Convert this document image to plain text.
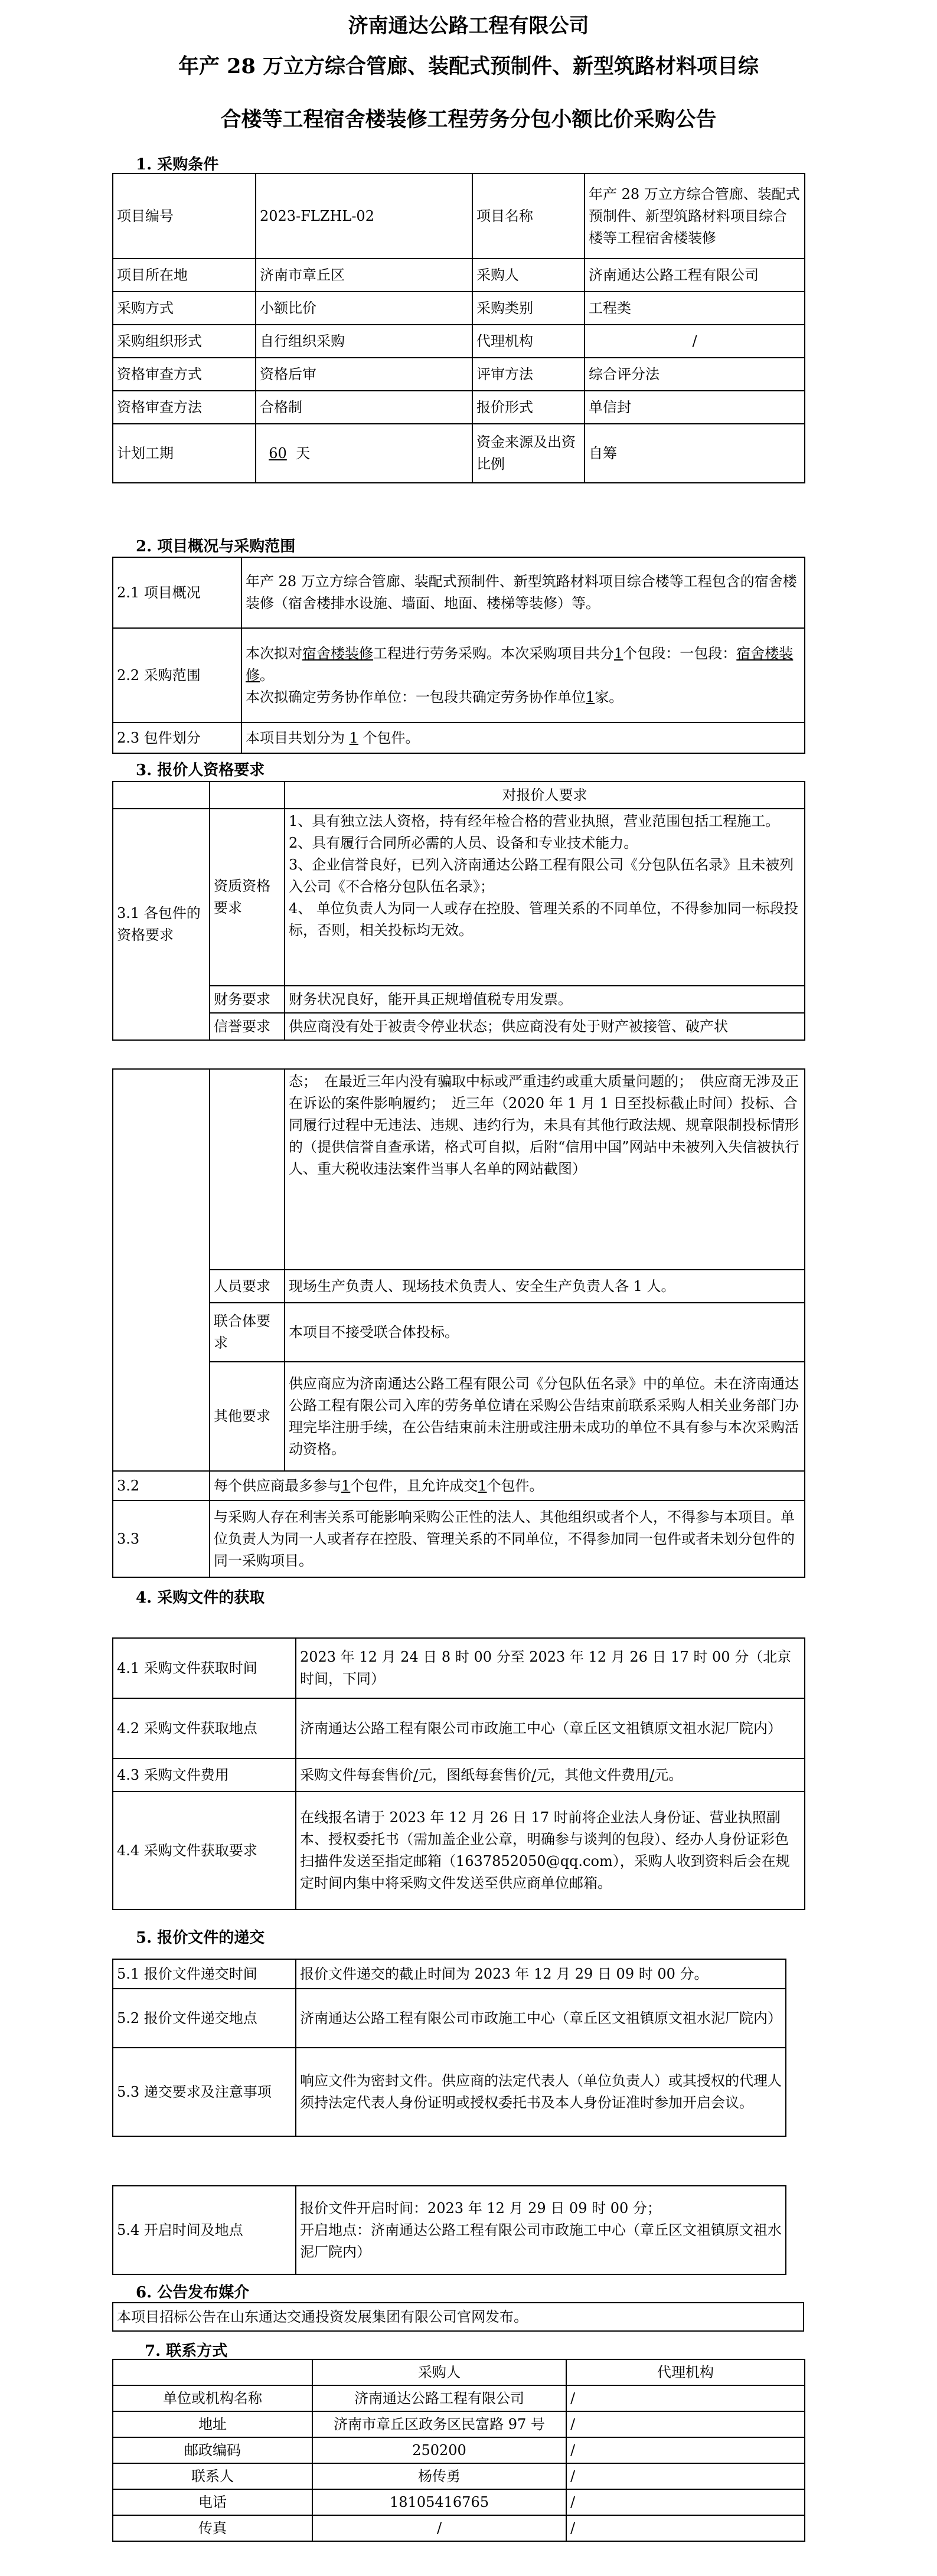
济南通达公路工程有限公司
年产 28 万立方综合管廊、装配式预制件、新型筑路材料项目综
合楼等工程宿舍楼装修工程劳务分包小额比价采购公告
1. 采购条件
项目编号	2023-FLZHL-02	项目名称	年产 28 万立方综合管廊、装配式预制件、新型筑路材料项目综合楼等工程宿舍楼装修
项目所在地	济南市章丘区	采购人	济南通达公路工程有限公司
采购方式	小额比价	采购类别	工程类
采购组织形式	自行组织采购	代理机构	/
资格审查方式	资格后审	评审方法	综合评分法
资格审查方法	合格制	报价形式	单信封
计划工期	60 天	资金来源及出资比例	自筹
2. 项目概况与采购范围
2.1 项目概况	年产 28 万立方综合管廊、装配式预制件、新型筑路材料项目综合楼等工程包含的宿舍楼装修（宿舍楼排水设施、墙面、地面、楼梯等装修）等。
2.2 采购范围	本次拟对宿舍楼装修工程进行劳务采购。本次采购项目共分1个包段：一包段：宿舍楼装修。
本次拟确定劳务协作单位：一包段共确定劳务协作单位1家。
2.3 包件划分	本项目共划分为 1 个包件。
3. 报价人资格要求
		对报价人要求
3.1 各包件的资格要求	资质资格要求	1、具有独立法人资格，持有经年检合格的营业执照，营业范围包括工程施工。
2、具有履行合同所必需的人员、设备和专业技术能力。
3、企业信誉良好，已列入济南通达公路工程有限公司《分包队伍名录》且未被列入公司《不合格分包队伍名录》；
4、 单位负责人为同一人或存在控股、管理关系的不同单位，不得参加同一标段投标，否则，相关投标均无效。

	财务要求	财务状况良好，能开具正规增值税专用发票。
	信誉要求	供应商没有处于被责令停业状态；供应商没有处于财产被接管、破产状
		态；　在最近三年内没有骗取中标或严重违约或重大质量问题的；　供应商无涉及正在诉讼的案件影响履约；　近三年（2020 年 1 月 1 日至投标截止时间）投标、合同履行过程中无违法、违规、违约行为，未具有其他行政法规、规章限制投标情形的（提供信誉自查承诺，格式可自拟，后附“信用中国”网站中未被列入失信被执行人、重大税收违法案件当事人名单的网站截图）
	人员要求	现场生产负责人、现场技术负责人、安全生产负责人各 1 人。
	联合体要求	本项目不接受联合体投标。
	其他要求	供应商应为济南通达公路工程有限公司《分包队伍名录》中的单位。未在济南通达公路工程有限公司入库的劳务单位请在采购公告结束前联系采购人相关业务部门办理完毕注册手续，在公告结束前未注册或注册未成功的单位不具有参与本次采购活动资格。
3.2	每个供应商最多参与1个包件，且允许成交1个包件。
3.3	与采购人存在利害关系可能影响采购公正性的法人、其他组织或者个人，不得参与本项目。单位负责人为同一人或者存在控股、管理关系的不同单位，不得参加同一包件或者未划分包件的同一采购项目。
4. 采购文件的获取
4.1 采购文件获取时间	2023 年 12 月 24 日 8 时 00 分至 2023 年 12 月 26 日 17 时 00 分（北京时间，下同）
4.2 采购文件获取地点	济南通达公路工程有限公司市政施工中心（章丘区文祖镇原文祖水泥厂院内）
4.3 采购文件费用	采购文件每套售价/元，图纸每套售价/元，其他文件费用/元。
4.4 采购文件获取要求	在线报名请于 2023 年 12 月 26 日 17 时前将企业法人身份证、营业执照副本、授权委托书（需加盖企业公章，明确参与谈判的包段）、经办人身份证彩色扫描件发送至指定邮箱（1637852050@qq.com），采购人收到资料后会在规定时间内集中将采购文件发送至供应商单位邮箱。
5. 报价文件的递交
5.1 报价文件递交时间	报价文件递交的截止时间为 2023 年 12 月 29 日 09 时 00 分。
5.2 报价文件递交地点	济南通达公路工程有限公司市政施工中心（章丘区文祖镇原文祖水泥厂院内）
5.3 递交要求及注意事项	响应文件为密封文件。供应商的法定代表人（单位负责人）或其授权的代理人须持法定代表人身份证明或授权委托书及本人身份证准时参加开启会议。
5.4 开启时间及地点	
报价文件开启时间：2023 年 12 月 29 日 09 时 00 分；
开启地点：济南通达公路工程有限公司市政施工中心（章丘区文祖镇原文祖水泥厂院内）
6. 公告发布媒介
本项目招标公告在山东通达交通投资发展集团有限公司官网发布。
7. 联系方式
	采购人	代理机构
单位或机构名称	济南通达公路工程有限公司	/
地址	济南市章丘区政务区民富路 97 号	/
邮政编码	250200	/
联系人	杨传勇	/
电话	18105416765	/
传真	/	/
